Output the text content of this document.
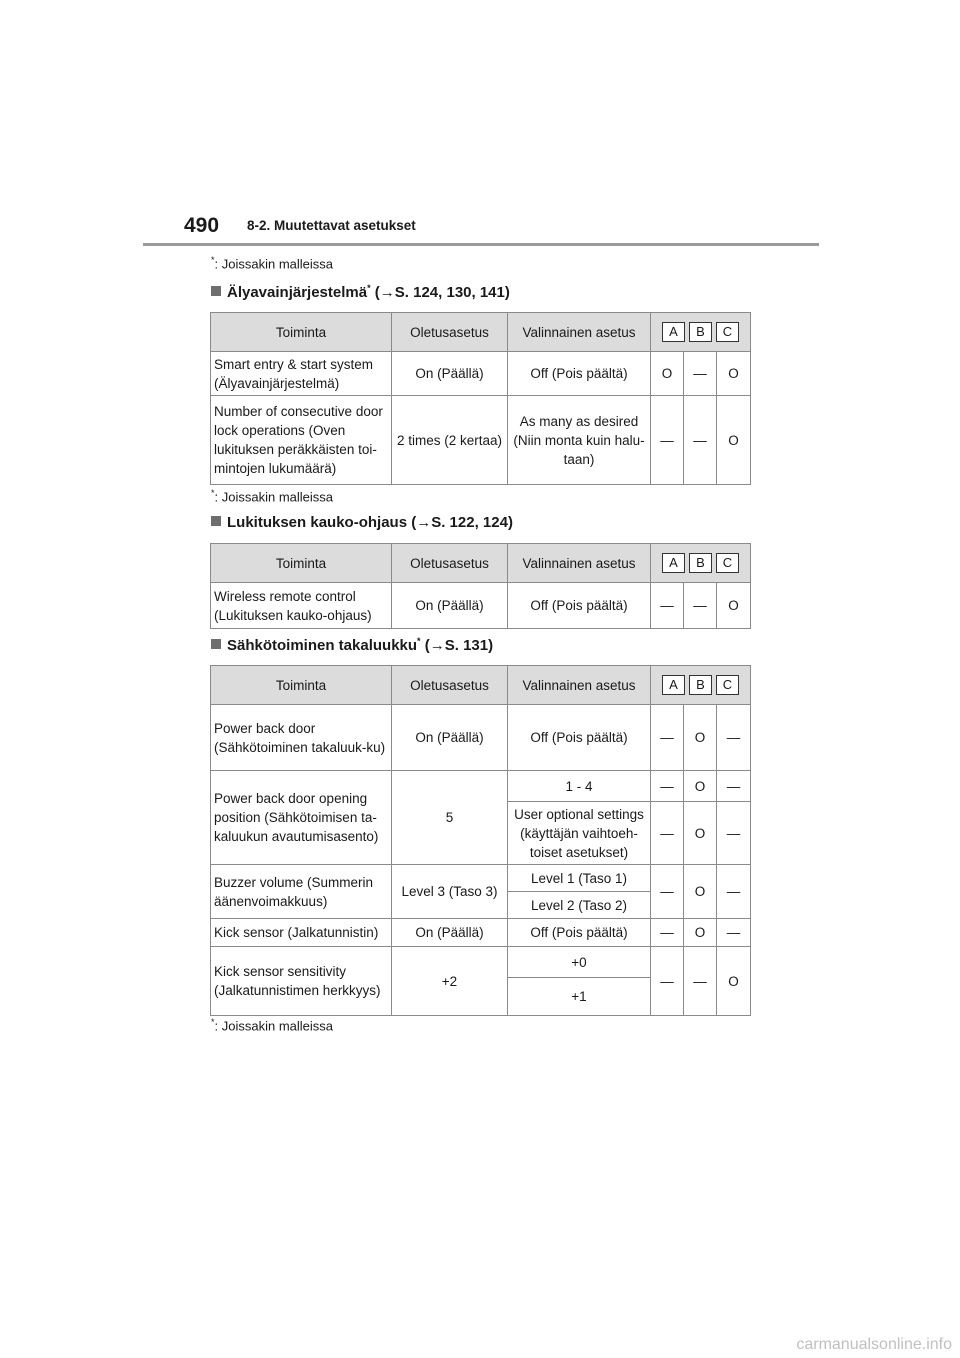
490 8-2. Muutettavat asetukset
*: Joissakin malleissa
Älyavainjärjestelmä* (→S. 124, 130, 141)
Toiminta	Oletusasetus	Valinnainen asetus	A B C		
Smart entry & start system (Älyavainjärjestelmä)	On (Päällä)	Off (Pois päältä)	O	—	O
Number of consecutive door lock operations (Oven lukituksen peräkkäisten toi-mintojen lukumäärä)	2 times (2 kertaa)	As many as desired (Niin monta kuin halu-taan)	—	—	O
*: Joissakin malleissa
Lukituksen kauko-ohjaus (→S. 122, 124)
Toiminta	Oletusasetus	Valinnainen asetus	A B C		
Wireless remote control (Lukituksen kauko-ohjaus)	On (Päällä)	Off (Pois päältä)	—	—	O
Sähkötoiminen takaluukku* (→S. 131)
Toiminta	Oletusasetus	Valinnainen asetus	A B C		
Power back door (Sähkötoiminen takaluuk-ku)	On (Päällä)	Off (Pois päältä)	—	O	—
Power back door opening position (Sähkötoimisen ta-kaluukun avautumisasento)	5	1 - 4	—	O	—
		User optional settings (käyttäjän vaihtoeh-toiset asetukset)	—	O	—
Buzzer volume (Summerin äänenvoimakkuus)	Level 3 (Taso 3)	Level 1 (Taso 1)	—	O	—
		Level 2 (Taso 2)			
Kick sensor (Jalkatunnistin)	On (Päällä)	Off (Pois päältä)	—	O	—
Kick sensor sensitivity (Jalkatunnistimen herkkyys)	+2	+0	—	—	O
		+1			
*: Joissakin malleissa
carmanualsonline.info
